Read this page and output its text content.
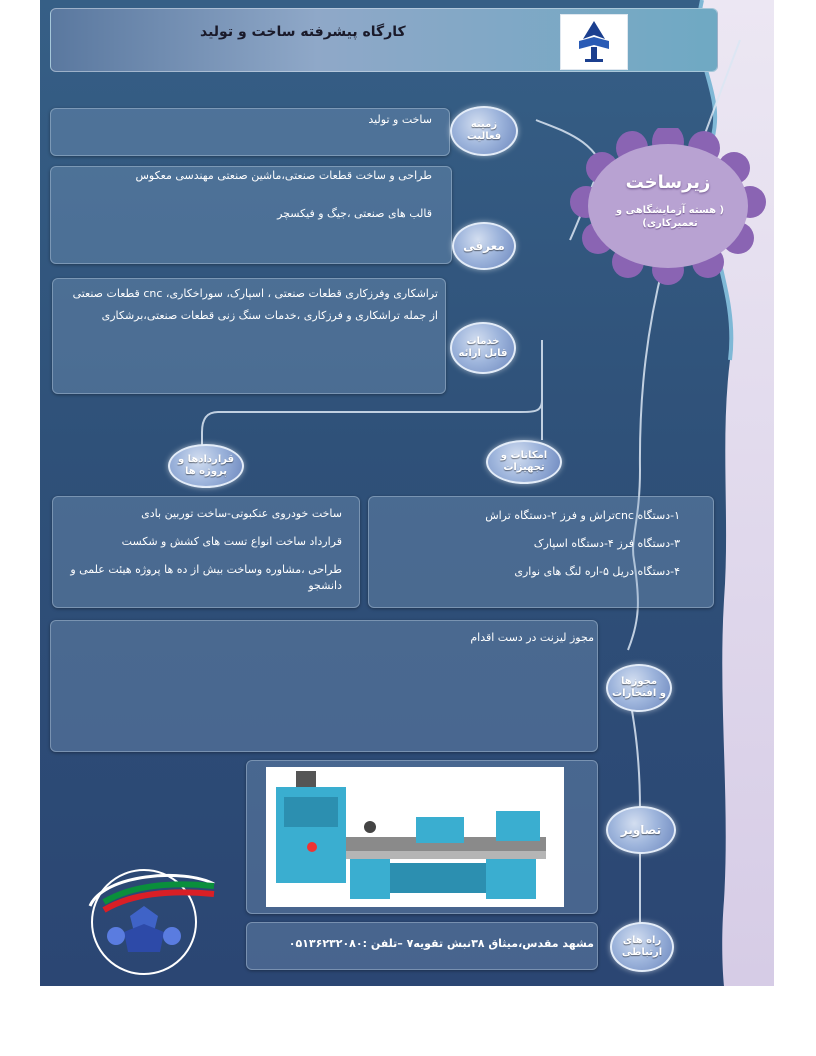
کارگاه پیشرفته ساخت و تولید
زیرساخت
( هسته آزمایشگاهی و تعمیرکاری)
ساخت و تولید	زمینه
فعالیت
طراحی و ساخت قطعات صنعتی،ماشین صنعتی مهندسی معکوس
قالب های صنعتی ،جیگ و فیکسچر
معرفی
تراشکاری وفرزکاری قطعات صنعتی ، اسپارک، سوراخکاری، cnc قطعات صنعتی
از جمله تراشکاری و فرزکاری ،خدمات سنگ زنی قطعات صنعتی،برشکاری
خدمات
قابل ارائه
قراردادها و
پروژه ها
امکانات و
تجهیزات
ساخت خودروی عنکبوتی-ساخت توربین بادی
قرارداد ساخت انواع تست های کشش و شکست
طراحی ،مشاوره وساخت بیش از ده ها پروژه هیئت علمی و دانشجو
۱-دستگاه cncتراش و فرز ۲-دستگاه تراش
۳-دستگاه فرز ۴-دستگاه اسپارک
۴-دستگاه دریل ۵-اره لنگ های نواری
مجوز لیزنت در دست اقدام
مجوزها
و افتخارات
تصاویر
مشهد مقدس،میثاق ۳۸نبش تقویه۷ –تلفن :۰۵۱۳۶۲۳۲۰۸۰	راه های
ارتباطی
